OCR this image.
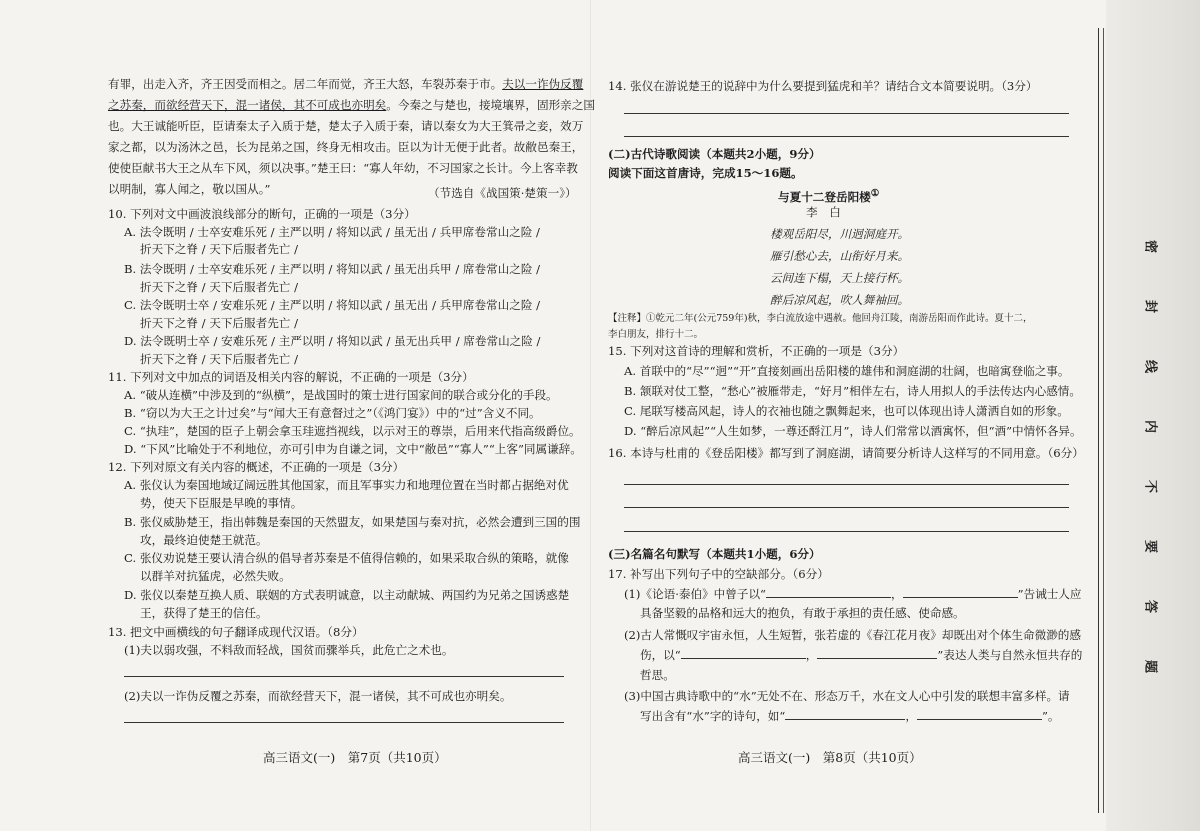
有罪，出走入齐，齐王因受而相之。居二年而觉，齐王大怒，车裂苏秦于市。夫以一诈伪反覆
之苏秦，而欲经营天下，混一诸侯，其不可成也亦明矣。今秦之与楚也，接境壤界，固形亲之国
也。大王诚能听臣，臣请秦太子入质于楚，楚太子入质于秦，请以秦女为大王箕帚之妾，效万
家之都，以为汤沐之邑，长为昆弟之国，终身无相攻击。臣以为计无便于此者。故敝邑秦王，
使使臣献书大王之从车下风，须以决事。”楚王曰：“寡人年幼，不习国家之长计。今上客幸教
以明制，寡人闻之，敬以国从。”	（节选自《战国策·楚策一》）
10. 下列对文中画波浪线部分的断句，正确的一项是（3分）
A. 法令既明 / 士卒安难乐死 / 主严以明 / 将知以武 / 虽无出 / 兵甲席卷常山之险 /
折天下之脊 / 天下后服者先亡 /
B. 法令既明 / 士卒安难乐死 / 主严以明 / 将知以武 / 虽无出兵甲 / 席卷常山之险 /
折天下之脊 / 天下后服者先亡 /
C. 法令既明士卒 / 安难乐死 / 主严以明 / 将知以武 / 虽无出 / 兵甲席卷常山之险 /
折天下之脊 / 天下后服者先亡 /
D. 法令既明士卒 / 安难乐死 / 主严以明 / 将知以武 / 虽无出兵甲 / 席卷常山之险 /
折天下之脊 / 天下后服者先亡 /
11. 下列对文中加点的词语及相关内容的解说，不正确的一项是（3分）
A. “破从连横”中涉及到的“纵横”，是战国时的策士进行国家间的联合或分化的手段。
B. “窃以为大王之计过矣”与“闻大王有意督过之”（《鸿门宴》）中的“过”含义不同。
C. “执珪”，楚国的臣子上朝会拿玉珪遮挡视线，以示对王的尊崇，后用来代指高级爵位。
D. “下风”比喻处于不利地位，亦可引申为自谦之词，文中“敝邑”“寡人”“上客”同属谦辞。
12. 下列对原文有关内容的概述，不正确的一项是（3分）
A. 张仪认为秦国地域辽阔远胜其他国家，而且军事实力和地理位置在当时都占据绝对优
势，使天下臣服是早晚的事情。
B. 张仪威胁楚王，指出韩魏是秦国的天然盟友，如果楚国与秦对抗，必然会遭到三国的围
攻，最终迫使楚王就范。
C. 张仪劝说楚王要认清合纵的倡导者苏秦是不值得信赖的，如果采取合纵的策略，就像
以群羊对抗猛虎，必然失败。
D. 张仪以秦楚互换人质、联姻的方式表明诚意，以主动献城、两国约为兄弟之国诱惑楚
王，获得了楚王的信任。
13. 把文中画横线的句子翻译成现代汉语。（8分）
(1)夫以弱攻强，不料敌而轻战，国贫而骤举兵，此危亡之术也。
(2)夫以一诈伪反覆之苏秦，而欲经营天下，混一诸侯，其不可成也亦明矣。
高三语文(一)　第7页（共10页）
14. 张仪在游说楚王的说辞中为什么要提到猛虎和羊？请结合文本简要说明。（3分）
(二)古代诗歌阅读（本题共2小题，9分）
阅读下面这首唐诗，完成15～16题。
与夏十二登岳阳楼①
李　白
楼观岳阳尽，川迥洞庭开。
雁引愁心去，山衔好月来。
云间连下榻，天上接行杯。
醉后凉风起，吹人舞袖回。
【注释】①乾元二年(公元759年)秋，李白流放途中遇赦。他回舟江陵，南游岳阳而作此诗。夏十二，
李白朋友，排行十二。
15. 下列对这首诗的理解和赏析，不正确的一项是（3分）
A. 首联中的“尽”“迥”“开”直接刻画出岳阳楼的雄伟和洞庭湖的壮阔，也暗寓登临之事。
B. 颔联对仗工整，“愁心”被雁带走，“好月”相伴左右，诗人用拟人的手法传达内心感情。
C. 尾联写楼高风起，诗人的衣袖也随之飘舞起来，也可以体现出诗人潇洒自如的形象。
D. “醉后凉风起”“人生如梦，一尊还酹江月”，诗人们常常以酒寓怀，但“酒”中情怀各异。
16. 本诗与杜甫的《登岳阳楼》都写到了洞庭湖，请简要分析诗人这样写的不同用意。（6分）
(三)名篇名句默写（本题共1小题，6分）
17. 补写出下列句子中的空缺部分。（6分）
(1)《论语·泰伯》中曾子以“	，	”告诫士人应
具备坚毅的品格和远大的抱负，有敢于承担的责任感、使命感。
(2)古人常慨叹宇宙永恒，人生短暂，张若虚的《春江花月夜》却既出对个体生命微渺的感
伤，以“	，	”表达人类与自然永恒共存的
哲思。
(3)中国古典诗歌中的“水”无处不在、形态万千，水在文人心中引发的联想丰富多样。请
写出含有“水”字的诗句，如“	，	”。
高三语文(一)　第8页（共10页）
密
封
线
内
不
要
答
题
